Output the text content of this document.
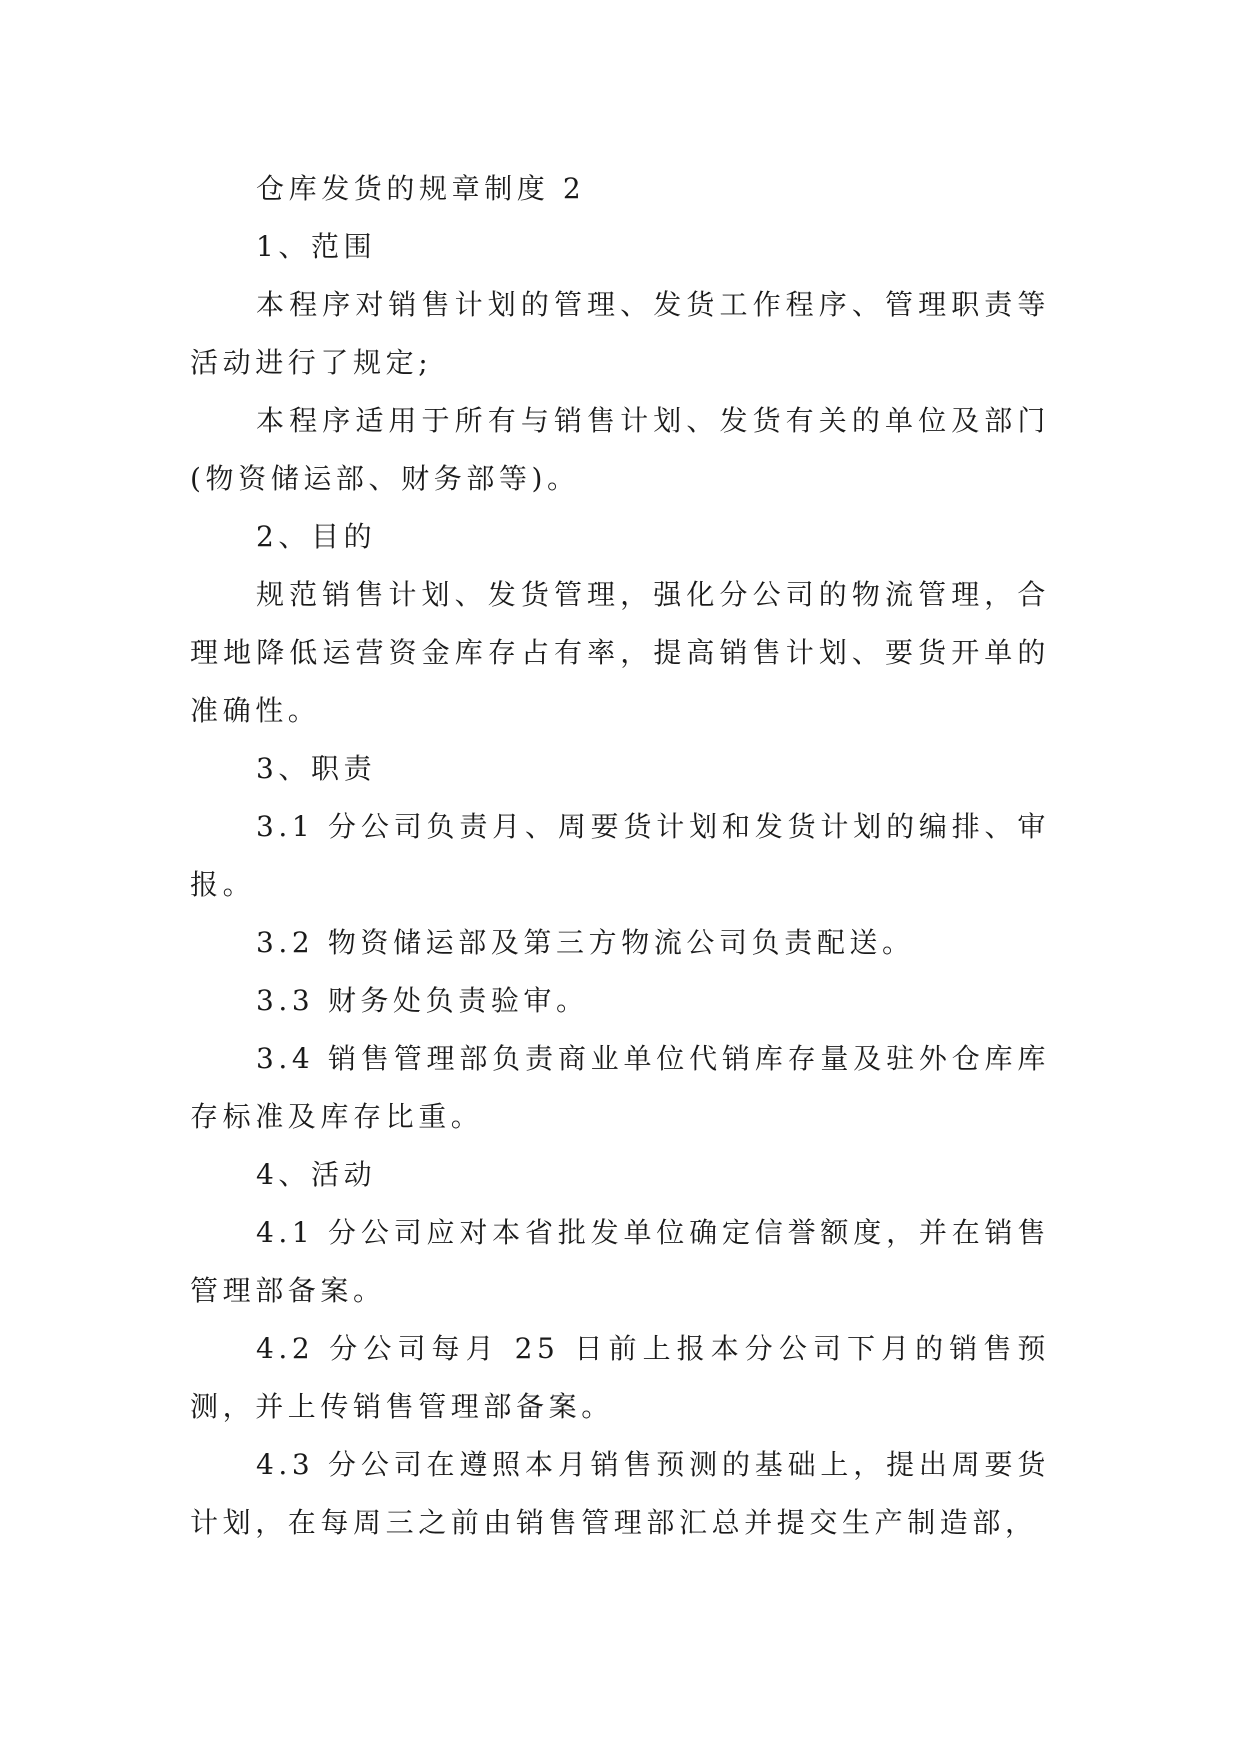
仓库发货的规章制度 2

1、范围

本程序对销售计划的管理、发货工作程序、管理职责等活动进行了规定;

本程序适用于所有与销售计划、发货有关的单位及部门(物资储运部、财务部等)。

2、目的

规范销售计划、发货管理，强化分公司的物流管理，合理地降低运营资金库存占有率，提高销售计划、要货开单的准确性。

3、职责

3.1 分公司负责月、周要货计划和发货计划的编排、审报。

3.2 物资储运部及第三方物流公司负责配送。

3.3 财务处负责验审。

3.4 销售管理部负责商业单位代销库存量及驻外仓库库存标准及库存比重。

4、活动

4.1 分公司应对本省批发单位确定信誉额度，并在销售管理部备案。

4.2 分公司每月 25 日前上报本分公司下月的销售预测，并上传销售管理部备案。

4.3 分公司在遵照本月销售预测的基础上，提出周要货计划，在每周三之前由销售管理部汇总并提交生产制造部，
